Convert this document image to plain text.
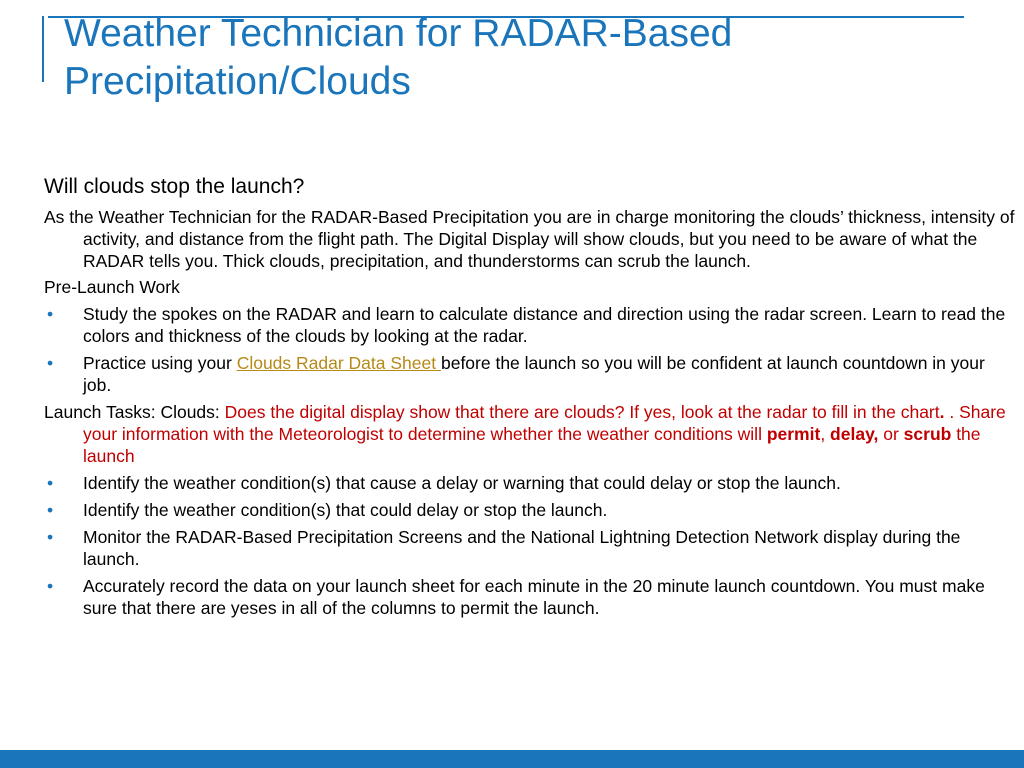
Weather Technician for RADAR-Based Precipitation/Clouds

Will clouds stop the launch?

As the Weather Technician for the RADAR-Based Precipitation you are in charge monitoring the clouds’ thickness, intensity of activity, and distance from the flight path. The Digital Display will show clouds, but you need to be aware of what the RADAR tells you. Thick clouds, precipitation, and thunderstorms can scrub the launch.

Pre-Launch Work

• Study the spokes on the RADAR and learn to calculate distance and direction using the radar screen. Learn to read the colors and thickness of the clouds by looking at the radar.
• Practice using your Clouds Radar Data Sheet before the launch so you will be confident at launch countdown in your job.

Launch Tasks: Clouds: Does the digital display show that there are clouds? If yes, look at the radar to fill in the chart. . Share your information with the Meteorologist to determine whether the weather conditions will permit, delay, or scrub the launch

• Identify the weather condition(s) that cause a delay or warning that could delay or stop the launch.
• Identify the weather condition(s) that could delay or stop the launch.
• Monitor the RADAR-Based Precipitation Screens and the National Lightning Detection Network display during the launch.
• Accurately record the data on your launch sheet for each minute in the 20 minute launch countdown. You must make sure that there are yeses in all of the columns to permit the launch.
